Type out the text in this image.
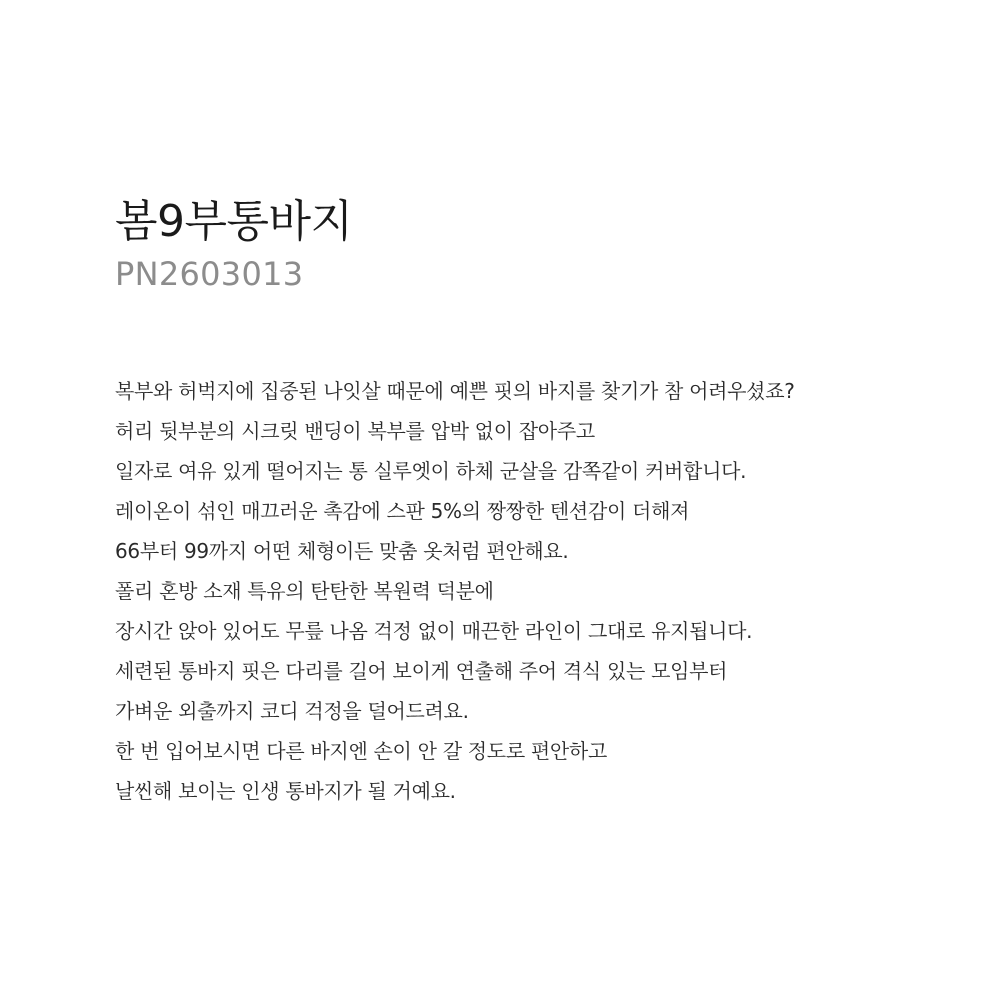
봄9부통바지

PN2603013

복부와 허벅지에 집중된 나잇살 때문에 예쁜 핏의 바지를 찾기가 참 어려우셨죠?
허리 뒷부분의 시크릿 밴딩이 복부를 압박 없이 잡아주고
일자로 여유 있게 떨어지는 통 실루엣이 하체 군살을 감쪽같이 커버합니다.
레이온이 섞인 매끄러운 촉감에 스판 5%의 짱짱한 텐션감이 더해져
66부터 99까지 어떤 체형이든 맞춤 옷처럼 편안해요.
폴리 혼방 소재 특유의 탄탄한 복원력 덕분에
장시간 앉아 있어도 무릎 나옴 걱정 없이 매끈한 라인이 그대로 유지됩니다.
세련된 통바지 핏은 다리를 길어 보이게 연출해 주어 격식 있는 모임부터
가벼운 외출까지 코디 걱정을 덜어드려요.
한 번 입어보시면 다른 바지엔 손이 안 갈 정도로 편안하고
날씬해 보이는 인생 통바지가 될 거예요.
